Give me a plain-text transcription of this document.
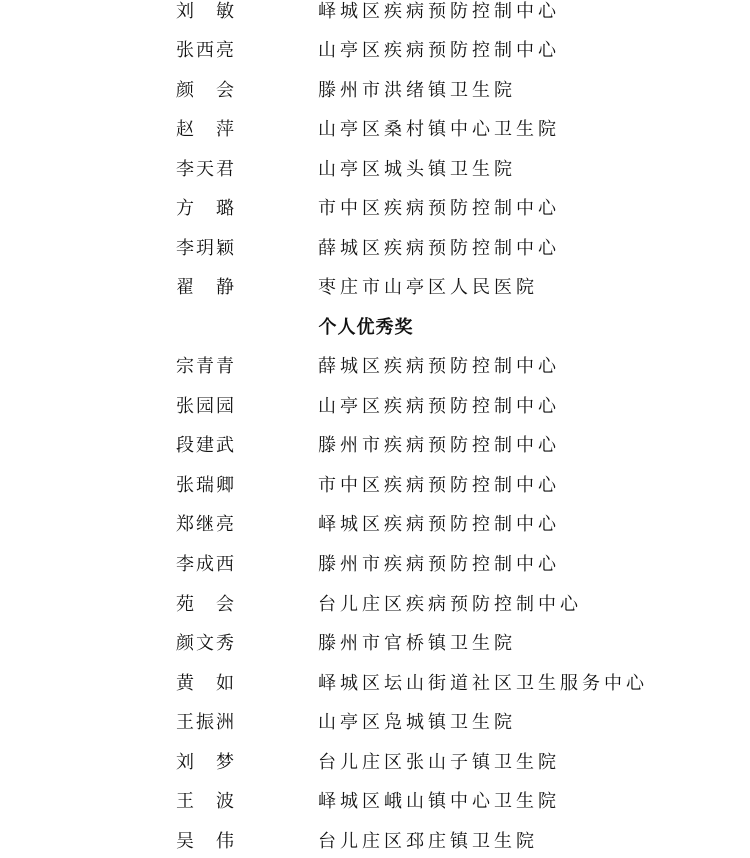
刘　敏	峄城区疾病预防控制中心
张西亮	山亭区疾病预防控制中心
颜　会	滕州市洪绪镇卫生院
赵　萍	山亭区桑村镇中心卫生院
李天君	山亭区城头镇卫生院
方　璐	市中区疾病预防控制中心
李玥颖	薛城区疾病预防控制中心
翟　静	枣庄市山亭区人民医院
个人优秀奖
宗青青	薛城区疾病预防控制中心
张园园	山亭区疾病预防控制中心
段建武	滕州市疾病预防控制中心
张瑞卿	市中区疾病预防控制中心
郑继亮	峄城区疾病预防控制中心
李成西	滕州市疾病预防控制中心
苑　会	台儿庄区疾病预防控制中心
颜文秀	滕州市官桥镇卫生院
黄　如	峄城区坛山街道社区卫生服务中心
王振洲	山亭区凫城镇卫生院
刘　梦	台儿庄区张山子镇卫生院
王　波	峄城区峨山镇中心卫生院
吴　伟	台儿庄区邳庄镇卫生院
